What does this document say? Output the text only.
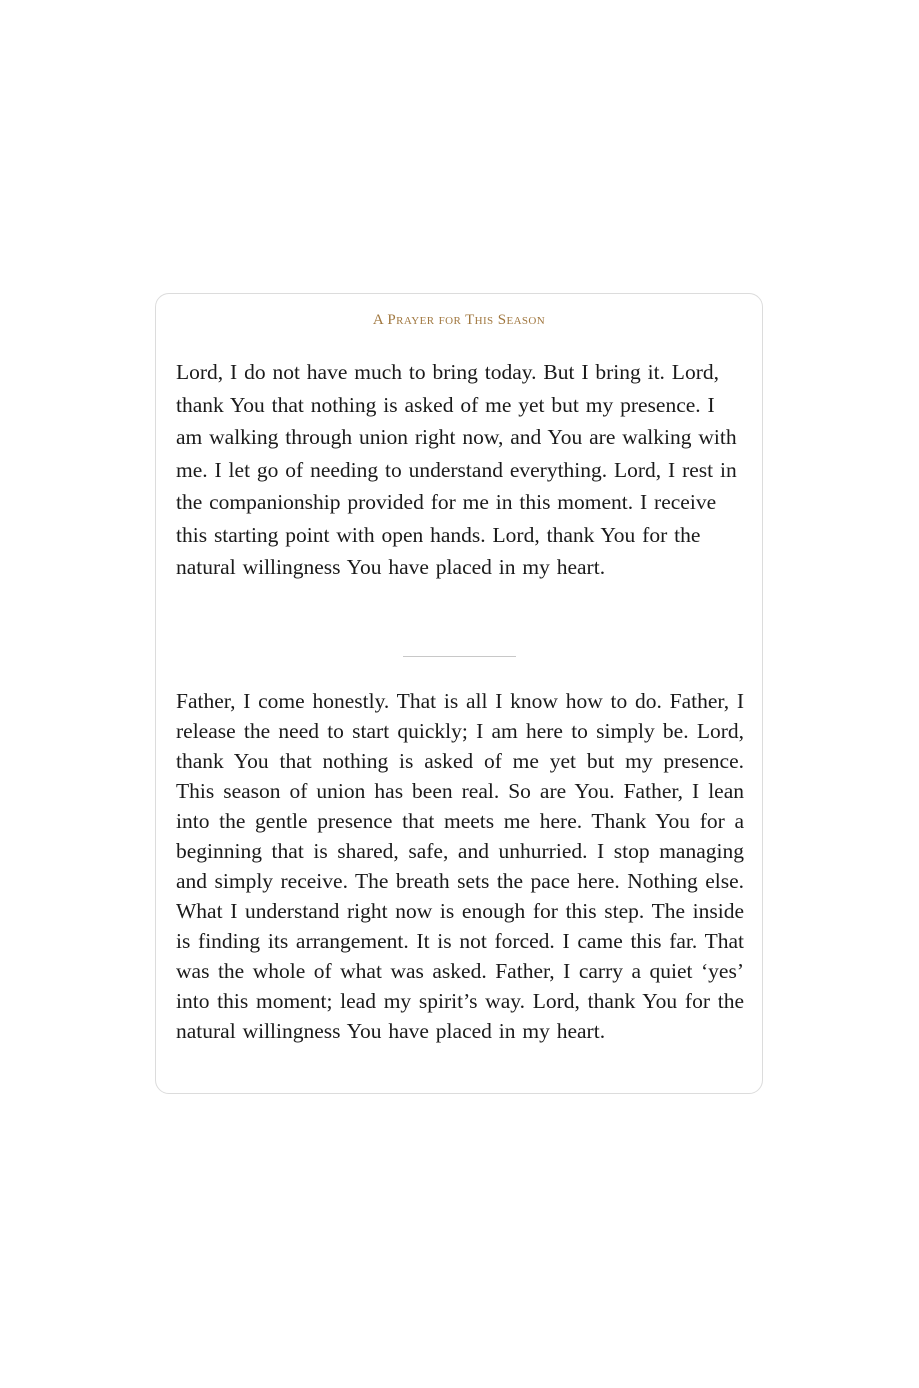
A Prayer for This Season

Lord, I do not have much to bring today. But I bring it. Lord, thank You that nothing is asked of me yet but my presence. I am walking through union right now, and You are walking with me. I let go of needing to understand everything. Lord, I rest in the companionship provided for me in this moment. I receive this starting point with open hands. Lord, thank You for the natural willingness You have placed in my heart.

Father, I come honestly. That is all I know how to do. Father, I release the need to start quickly; I am here to simply be. Lord, thank You that nothing is asked of me yet but my presence. This season of union has been real. So are You. Father, I lean into the gentle presence that meets me here. Thank You for a beginning that is shared, safe, and unhurried. I stop managing and simply receive. The breath sets the pace here. Nothing else. What I understand right now is enough for this step. The inside is finding its arrangement. It is not forced. I came this far. That was the whole of what was asked. Father, I carry a quiet ‘yes’ into this moment; lead my spirit’s way. Lord, thank You for the natural willingness You have placed in my heart.
